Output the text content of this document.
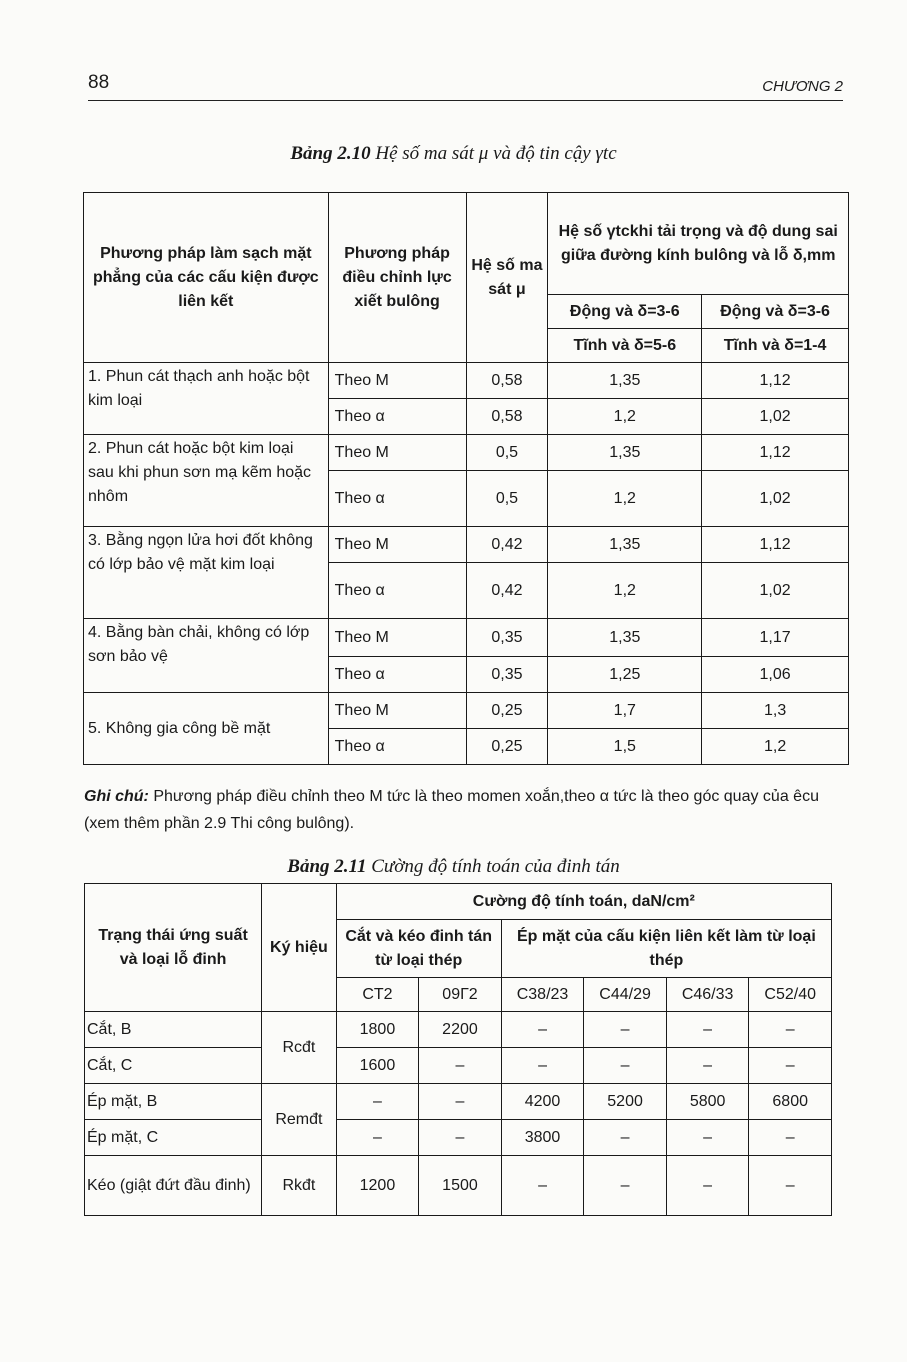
88	CHƯƠNG 2
Bảng 2.10 Hệ số ma sát μ và độ tin cậy γtc
Phương pháp làm sạch mặt phẳng của các cấu kiện được liên kết	Phương pháp điều chỉnh lực xiết bulông	Hệ số ma sát μ	Hệ số γtckhi tải trọng và độ dung sai giữa đường kính bulông và lỗ δ,mm	
			Động và δ=3-6	Động và δ=3-6
			Tĩnh và δ=5-6	Tĩnh và δ=1-4
1. Phun cát thạch anh hoặc bột kim loại	Theo M	0,58	1,35	1,12
	Theo α	0,58	1,2	1,02
2. Phun cát hoặc bột kim loại sau khi phun sơn mạ kẽm hoặc nhôm	Theo M	0,5	1,35	1,12
	Theo α	0,5	1,2	1,02
3. Bằng ngọn lửa hơi đốt không có lớp bảo vệ mặt kim loại	Theo M	0,42	1,35	1,12
	Theo α	0,42	1,2	1,02
4. Bằng bàn chải, không có lớp sơn bảo vệ	Theo M	0,35	1,35	1,17
	Theo α	0,35	1,25	1,06
5. Không gia công bề mặt	Theo M	0,25	1,7	1,3
	Theo α	0,25	1,5	1,2
Ghi chú: Phương pháp điều chỉnh theo M tức là theo momen xoắn,theo α tức là theo góc quay của êcu (xem thêm phần 2.9 Thi công bulông).
Bảng 2.11 Cường độ tính toán của đinh tán
Trạng thái ứng suất và loại lỗ đinh	Ký hiệu	Cường độ tính toán, daN/cm²					
		Cắt và kéo đinh tán từ loại thép		Ép mặt của cấu kiện liên kết làm từ loại thép			
		CT2	09Г2	C38/23	C44/29	C46/33	C52/40
Cắt, B	Rcđt	1800	2200	–	–	–	–
Cắt, C		1600	–	–	–	–	–
Ép mặt, B	Remđt	–	–	4200	5200	5800	6800
Ép mặt, C		–	–	3800	–	–	–
Kéo (giật đứt đầu đinh)	Rkđt	1200	1500	–	–	–	–
